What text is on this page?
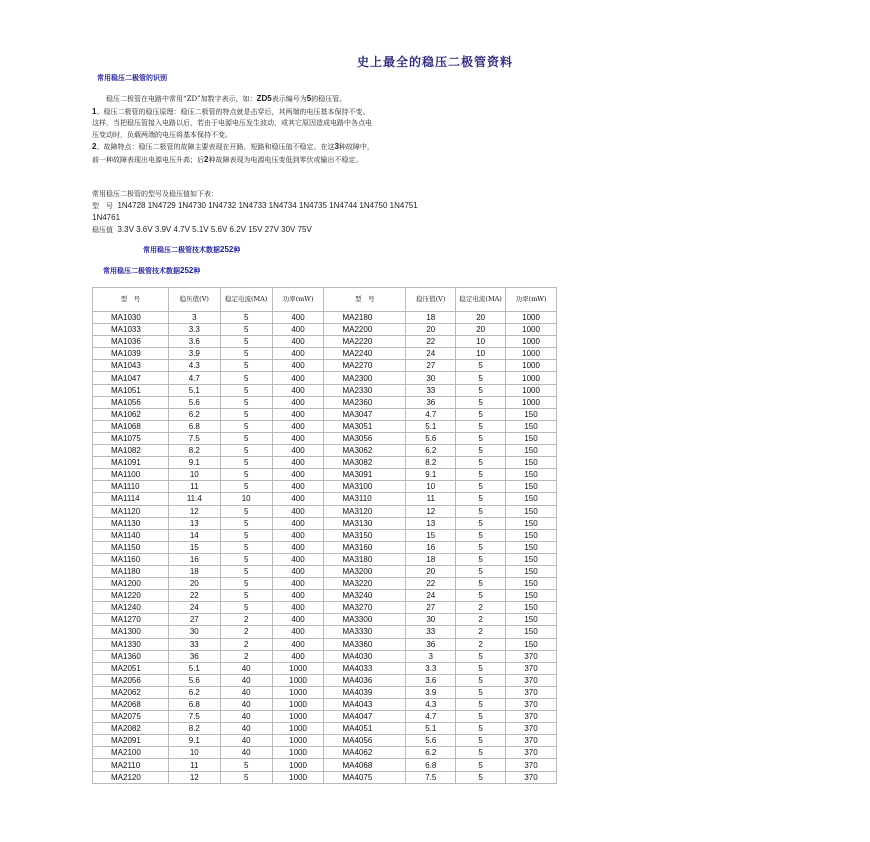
史上最全的稳压二极管资料
常用稳压二极管的识别
  稳压二极管在电路中常用“ZD”加数字表示，如：ZD5表示编号为5的稳压管。
1、稳压二极管的稳压原理：稳压二极管的特点就是击穿后，其两端的电压基本保持不变。
这样，当把稳压管接入电路以后，若由于电源电压发生波动，或其它原因造成电路中各点电
压变动时，负载两端的电压将基本保持不变。
2、故障特点：稳压二极管的故障主要表现在开路、短路和稳压值不稳定。在这3种故障中，
前一种故障表现出电源电压升高；后2种故障表现为电源电压变低到零伏或输出不稳定。
常用稳压二极管的型号及稳压值如下表：
型　号 1N4728 1N4729 1N4730 1N4732 1N4733 1N4734 1N4735 1N4744 1N4750 1N4751
1N4761
稳压值 3.3V 3.6V 3.9V 4.7V 5.1V 5.6V 6.2V 15V 27V 30V 75V
常用稳压二极管技术数据252种
常用稳压二极管技术数据252种
型　号	稳压值(V)	稳定电流(MA)	功率(mW)	型　号	稳压值(V)	稳定电流(MA)	功率(mW)
MA1030	3	5	400	MA2180	18	20	1000
MA1033	3.3	5	400	MA2200	20	20	1000
MA1036	3.6	5	400	MA2220	22	10	1000
MA1039	3.9	5	400	MA2240	24	10	1000
MA1043	4.3	5	400	MA2270	27	5	1000
MA1047	4.7	5	400	MA2300	30	5	1000
MA1051	5.1	5	400	MA2330	33	5	1000
MA1056	5.6	5	400	MA2360	36	5	1000
MA1062	6.2	5	400	MA3047	4.7	5	150
MA1068	6.8	5	400	MA3051	5.1	5	150
MA1075	7.5	5	400	MA3056	5.6	5	150
MA1082	8.2	5	400	MA3062	6.2	5	150
MA1091	9.1	5	400	MA3082	8.2	5	150
MA1100	10	5	400	MA3091	9.1	5	150
MA1110	11	5	400	MA3100	10	5	150
MA1114	11.4	10	400	MA3110	11	5	150
MA1120	12	5	400	MA3120	12	5	150
MA1130	13	5	400	MA3130	13	5	150
MA1140	14	5	400	MA3150	15	5	150
MA1150	15	5	400	MA3160	16	5	150
MA1160	16	5	400	MA3180	18	5	150
MA1180	18	5	400	MA3200	20	5	150
MA1200	20	5	400	MA3220	22	5	150
MA1220	22	5	400	MA3240	24	5	150
MA1240	24	5	400	MA3270	27	2	150
MA1270	27	2	400	MA3300	30	2	150
MA1300	30	2	400	MA3330	33	2	150
MA1330	33	2	400	MA3360	36	2	150
MA1360	36	2	400	MA4030	3	5	370
MA2051	5.1	40	1000	MA4033	3.3	5	370
MA2056	5.6	40	1000	MA4036	3.6	5	370
MA2062	6.2	40	1000	MA4039	3.9	5	370
MA2068	6.8	40	1000	MA4043	4.3	5	370
MA2075	7.5	40	1000	MA4047	4.7	5	370
MA2082	8.2	40	1000	MA4051	5.1	5	370
MA2091	9.1	40	1000	MA4056	5.6	5	370
MA2100	10	40	1000	MA4062	6.2	5	370
MA2110	11	5	1000	MA4068	6.8	5	370
MA2120	12	5	1000	MA4075	7.5	5	370
